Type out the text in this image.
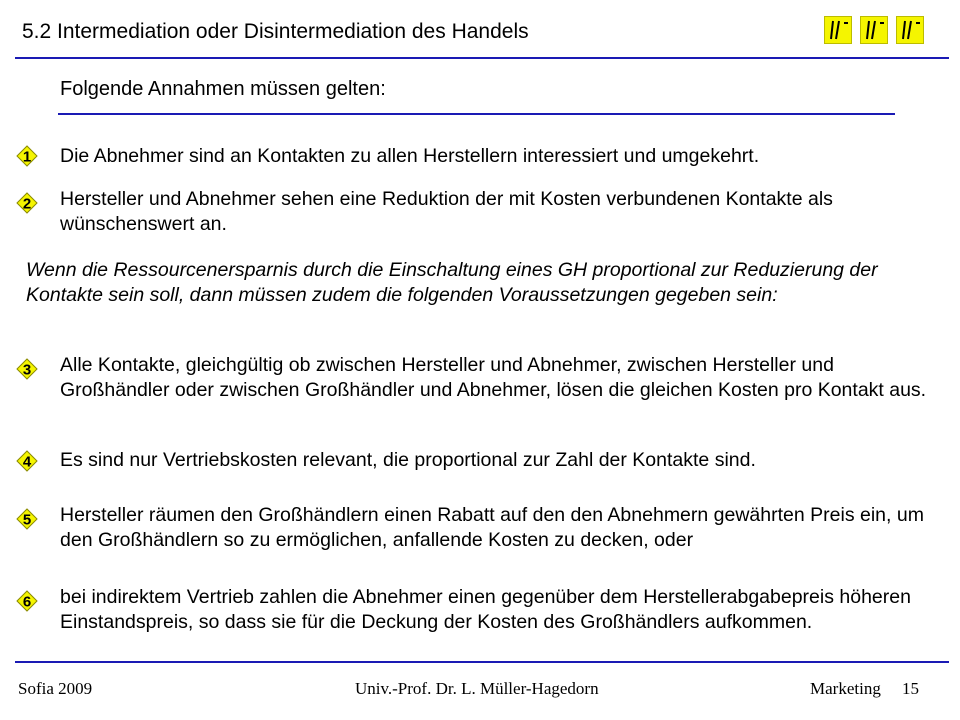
5.2 Intermediation oder Disintermediation des Handels
Folgende Annahmen müssen gelten:
1 Die Abnehmer sind an Kontakten zu allen Herstellern interessiert und umgekehrt.
2 Hersteller und Abnehmer sehen eine Reduktion der mit Kosten verbundenen Kontakte als wünschenswert an.
Wenn die Ressourcenersparnis durch die Einschaltung eines GH proportional zur Reduzierung der Kontakte sein soll, dann müssen zudem die folgenden Voraussetzungen gegeben sein:
3 Alle Kontakte, gleichgültig ob zwischen Hersteller und Abnehmer, zwischen Hersteller und Großhändler oder zwischen Großhändler und Abnehmer, lösen die gleichen Kosten pro Kontakt aus.
4 Es sind nur Vertriebskosten relevant, die proportional zur Zahl der Kontakte sind.
5 Hersteller räumen den Großhändlern einen Rabatt auf den den Abnehmern gewährten Preis ein, um den Großhändlern so zu ermöglichen, anfallende Kosten zu decken, oder
6 bei indirektem Vertrieb zahlen die Abnehmer einen gegenüber dem Herstellerabgabepreis höheren Einstandspreis, so dass sie für die Deckung der Kosten des Großhändlers aufkommen.
Sofia 2009	Univ.-Prof. Dr. L. Müller-Hagedorn	Marketing 15
